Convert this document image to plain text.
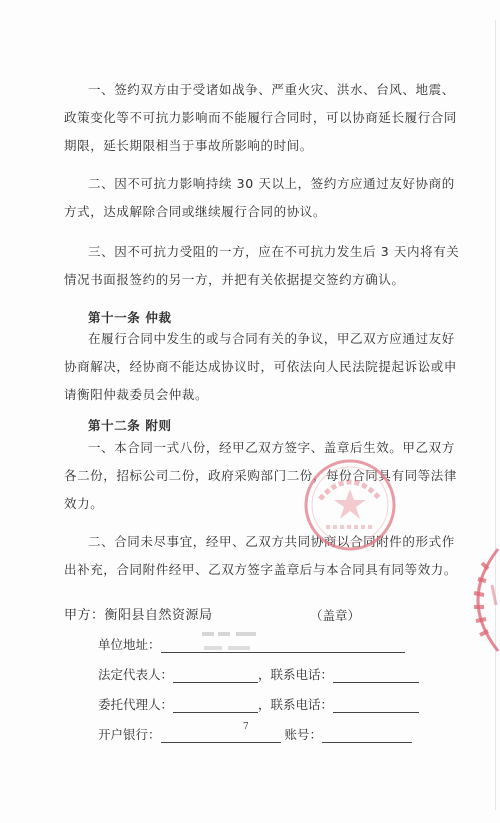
一、签约双方由于受诸如战争、严重火灾、洪水、台风、地震、
政策变化等不可抗力影响而不能履行合同时，可以协商延长履行合同
期限，延长期限相当于事故所影响的时间。
二、因不可抗力影响持续 30 天以上，签约方应通过友好协商的
方式，达成解除合同或继续履行合同的协议。
三、因不可抗力受阻的一方，应在不可抗力发生后 3 天内将有关
情况书面报签约的另一方，并把有关依据提交签约方确认。
第十一条 仲裁
在履行合同中发生的或与合同有关的争议，甲乙双方应通过友好
协商解决，经协商不能达成协议时，可依法向人民法院提起诉讼或申
请衡阳仲裁委员会仲裁。
第十二条 附则
一、本合同一式八份，经甲乙双方签字、盖章后生效。甲乙双方
各二份，招标公司二份，政府采购部门二份，每份合同具有同等法律
效力。
二、合同未尽事宜，经甲、乙双方共同协商以合同附件的形式作
出补充，合同附件经甲、乙双方签字盖章后与本合同具有同等效力。
甲方：衡阳县自然资源局	（盖章）
单位地址：
法定代表人：	，联系电话：
委托代理人：	，联系电话：
开户银行：	账号：
7
